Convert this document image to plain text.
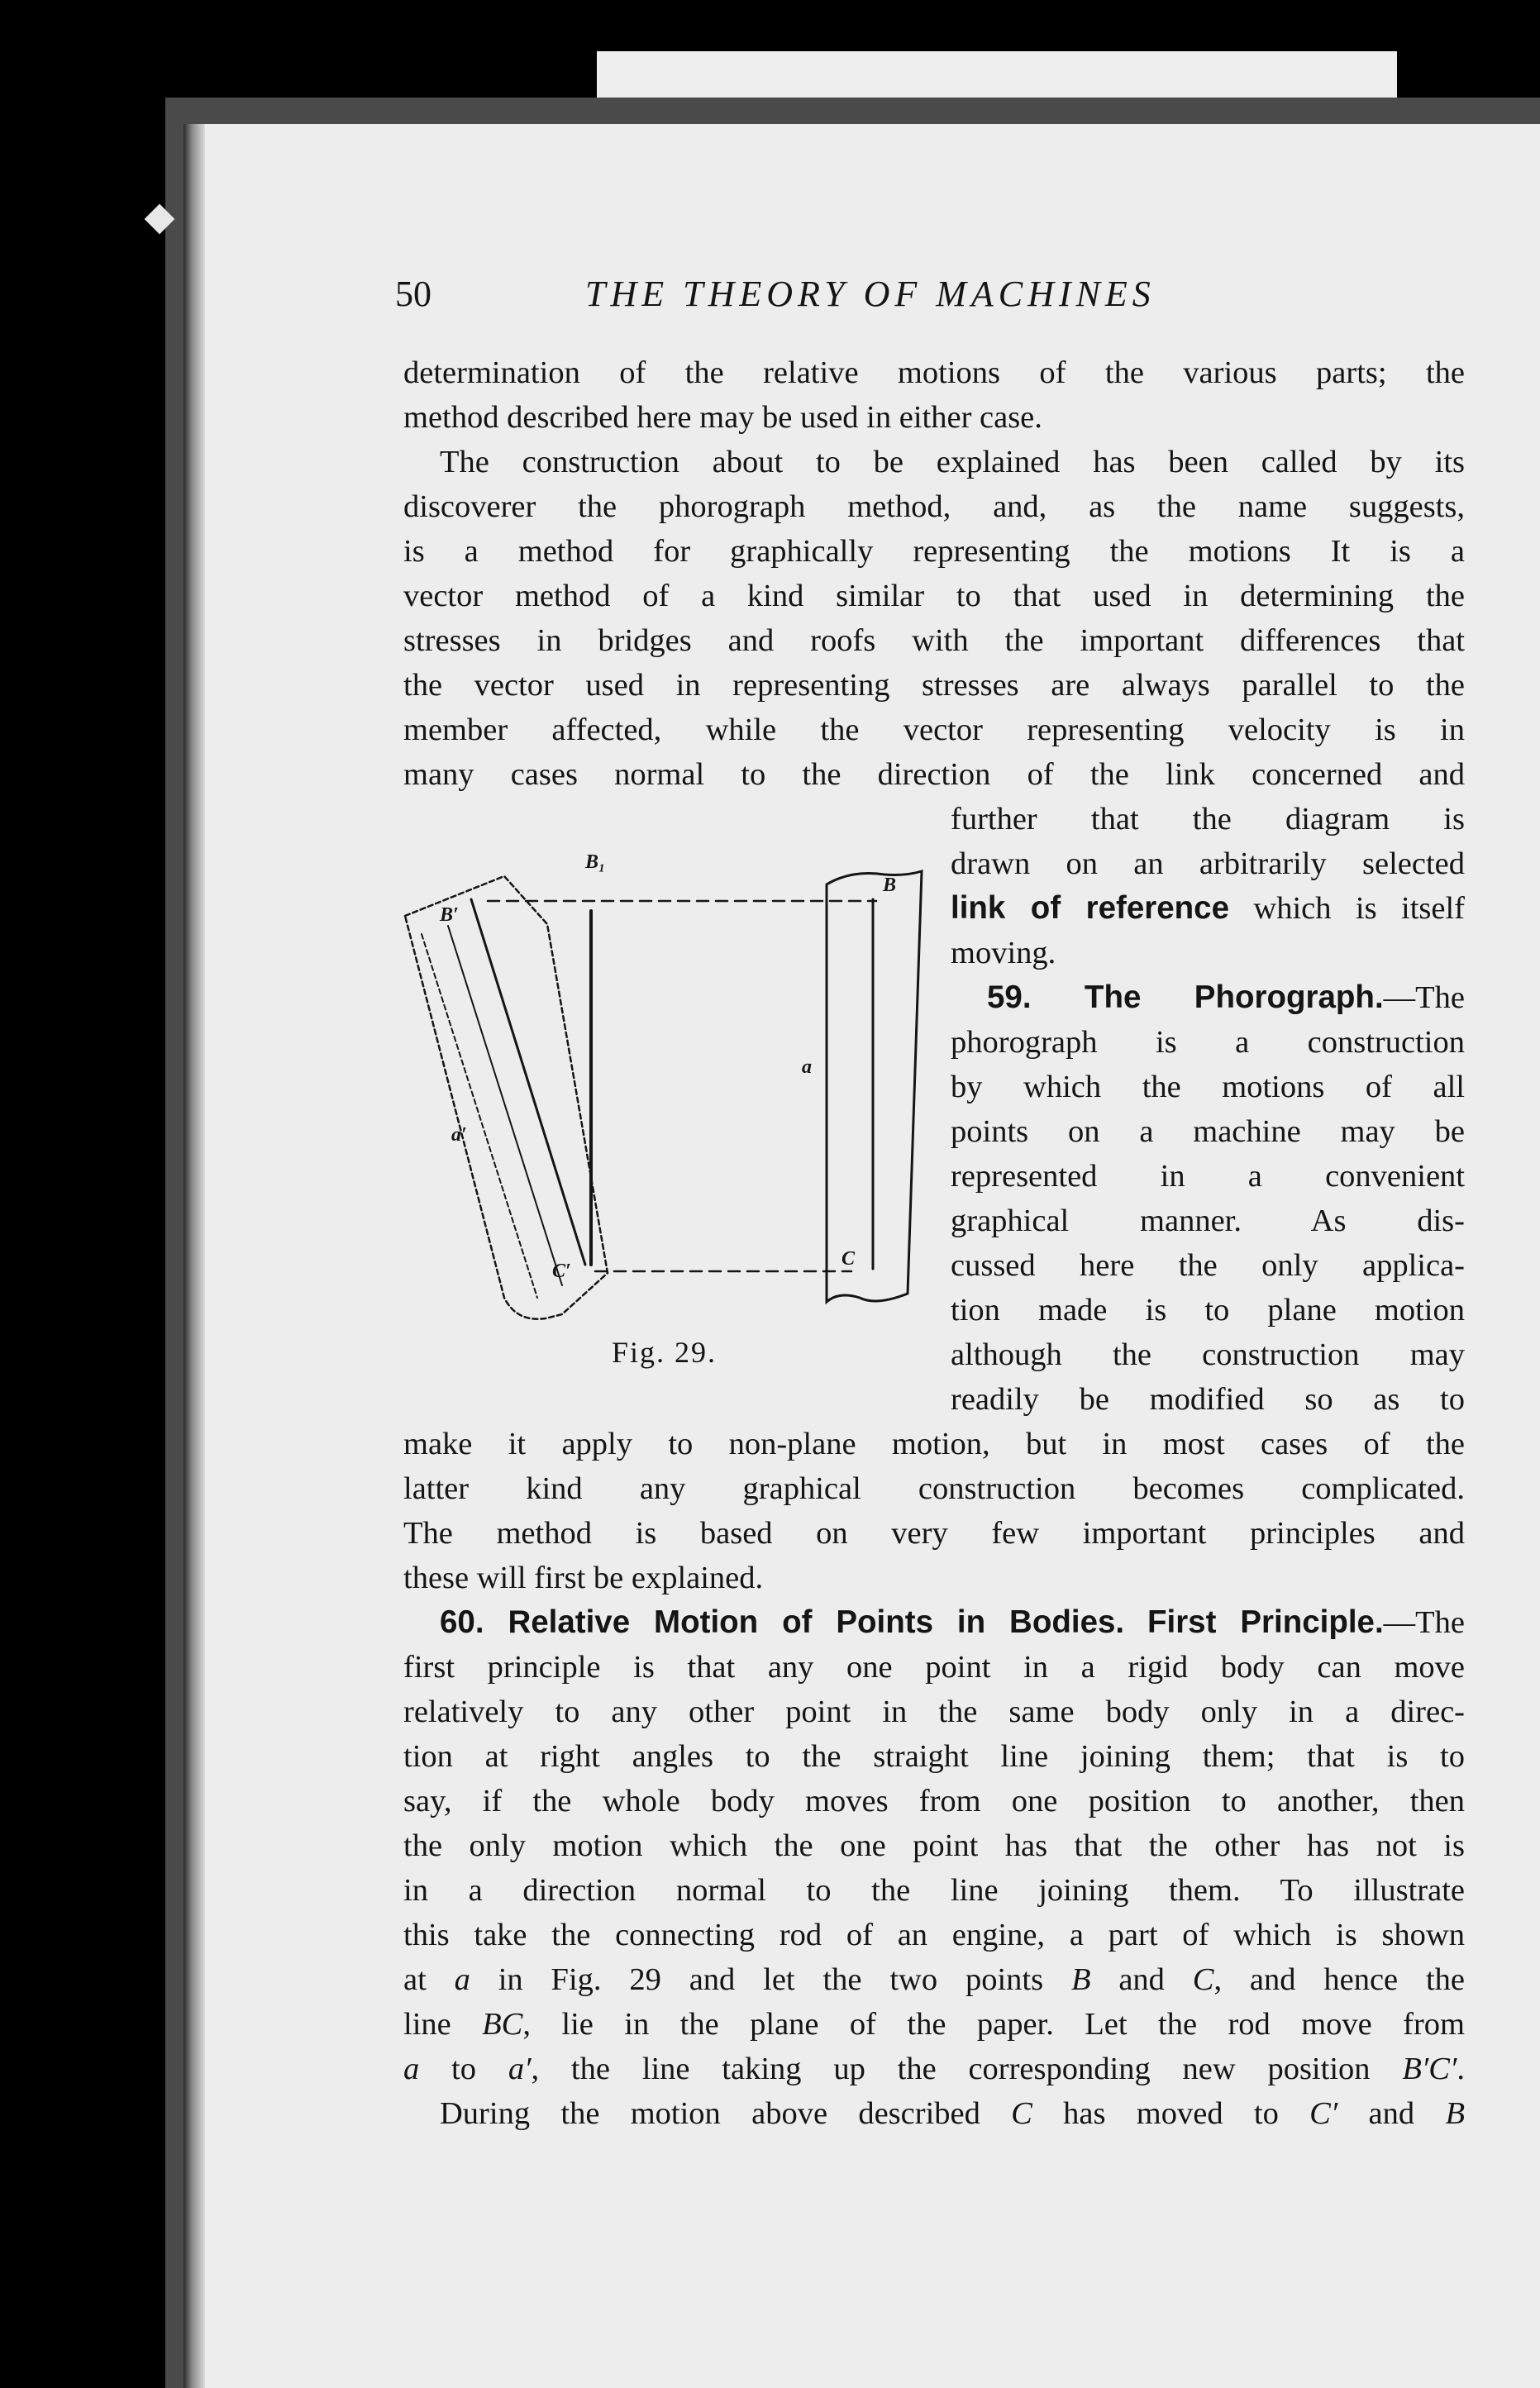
50	THE THEORY OF MACHINES
determination of the relative motions of the various parts; the
method described here may be used in either case.
The construction about to be explained has been called by its
discoverer the phorograph method, and, as the name suggests,
is a method for graphically representing the motions It is a
vector method of a kind similar to that used in determining the
stresses in bridges and roofs with the important differences that
the vector used in representing stresses are always parallel to the
member affected, while the vector representing velocity is in
many cases normal to the direction of the link concerned and
further that the diagram is
drawn on an arbitrarily selected
link of reference which is itself
moving.
59. The Phorograph.—The
phorograph is a construction
by which the motions of all
points on a machine may be
represented in a convenient
graphical manner. As dis-
cussed here the only applica-
tion made is to plane motion
although the construction may
readily be modified so as to
make it apply to non-plane motion, but in most cases of the
latter kind any graphical construction becomes complicated.
The method is based on very few important principles and
these will first be explained.
60. Relative Motion of Points in Bodies. First Principle.—The
first principle is that any one point in a rigid body can move
relatively to any other point in the same body only in a direc-
tion at right angles to the straight line joining them; that is to
say, if the whole body moves from one position to another, then
the only motion which the one point has that the other has not is
in a direction normal to the line joining them. To illustrate
this take the connecting rod of an engine, a part of which is shown
at a in Fig. 29 and let the two points B and C, and hence the
line BC, lie in the plane of the paper. Let the rod move from
a to a′, the line taking up the corresponding new position B′C′.
During the motion above described C has moved to C′ and B
B₁
B′
B
a
a′
C′
C
Fig. 29.
